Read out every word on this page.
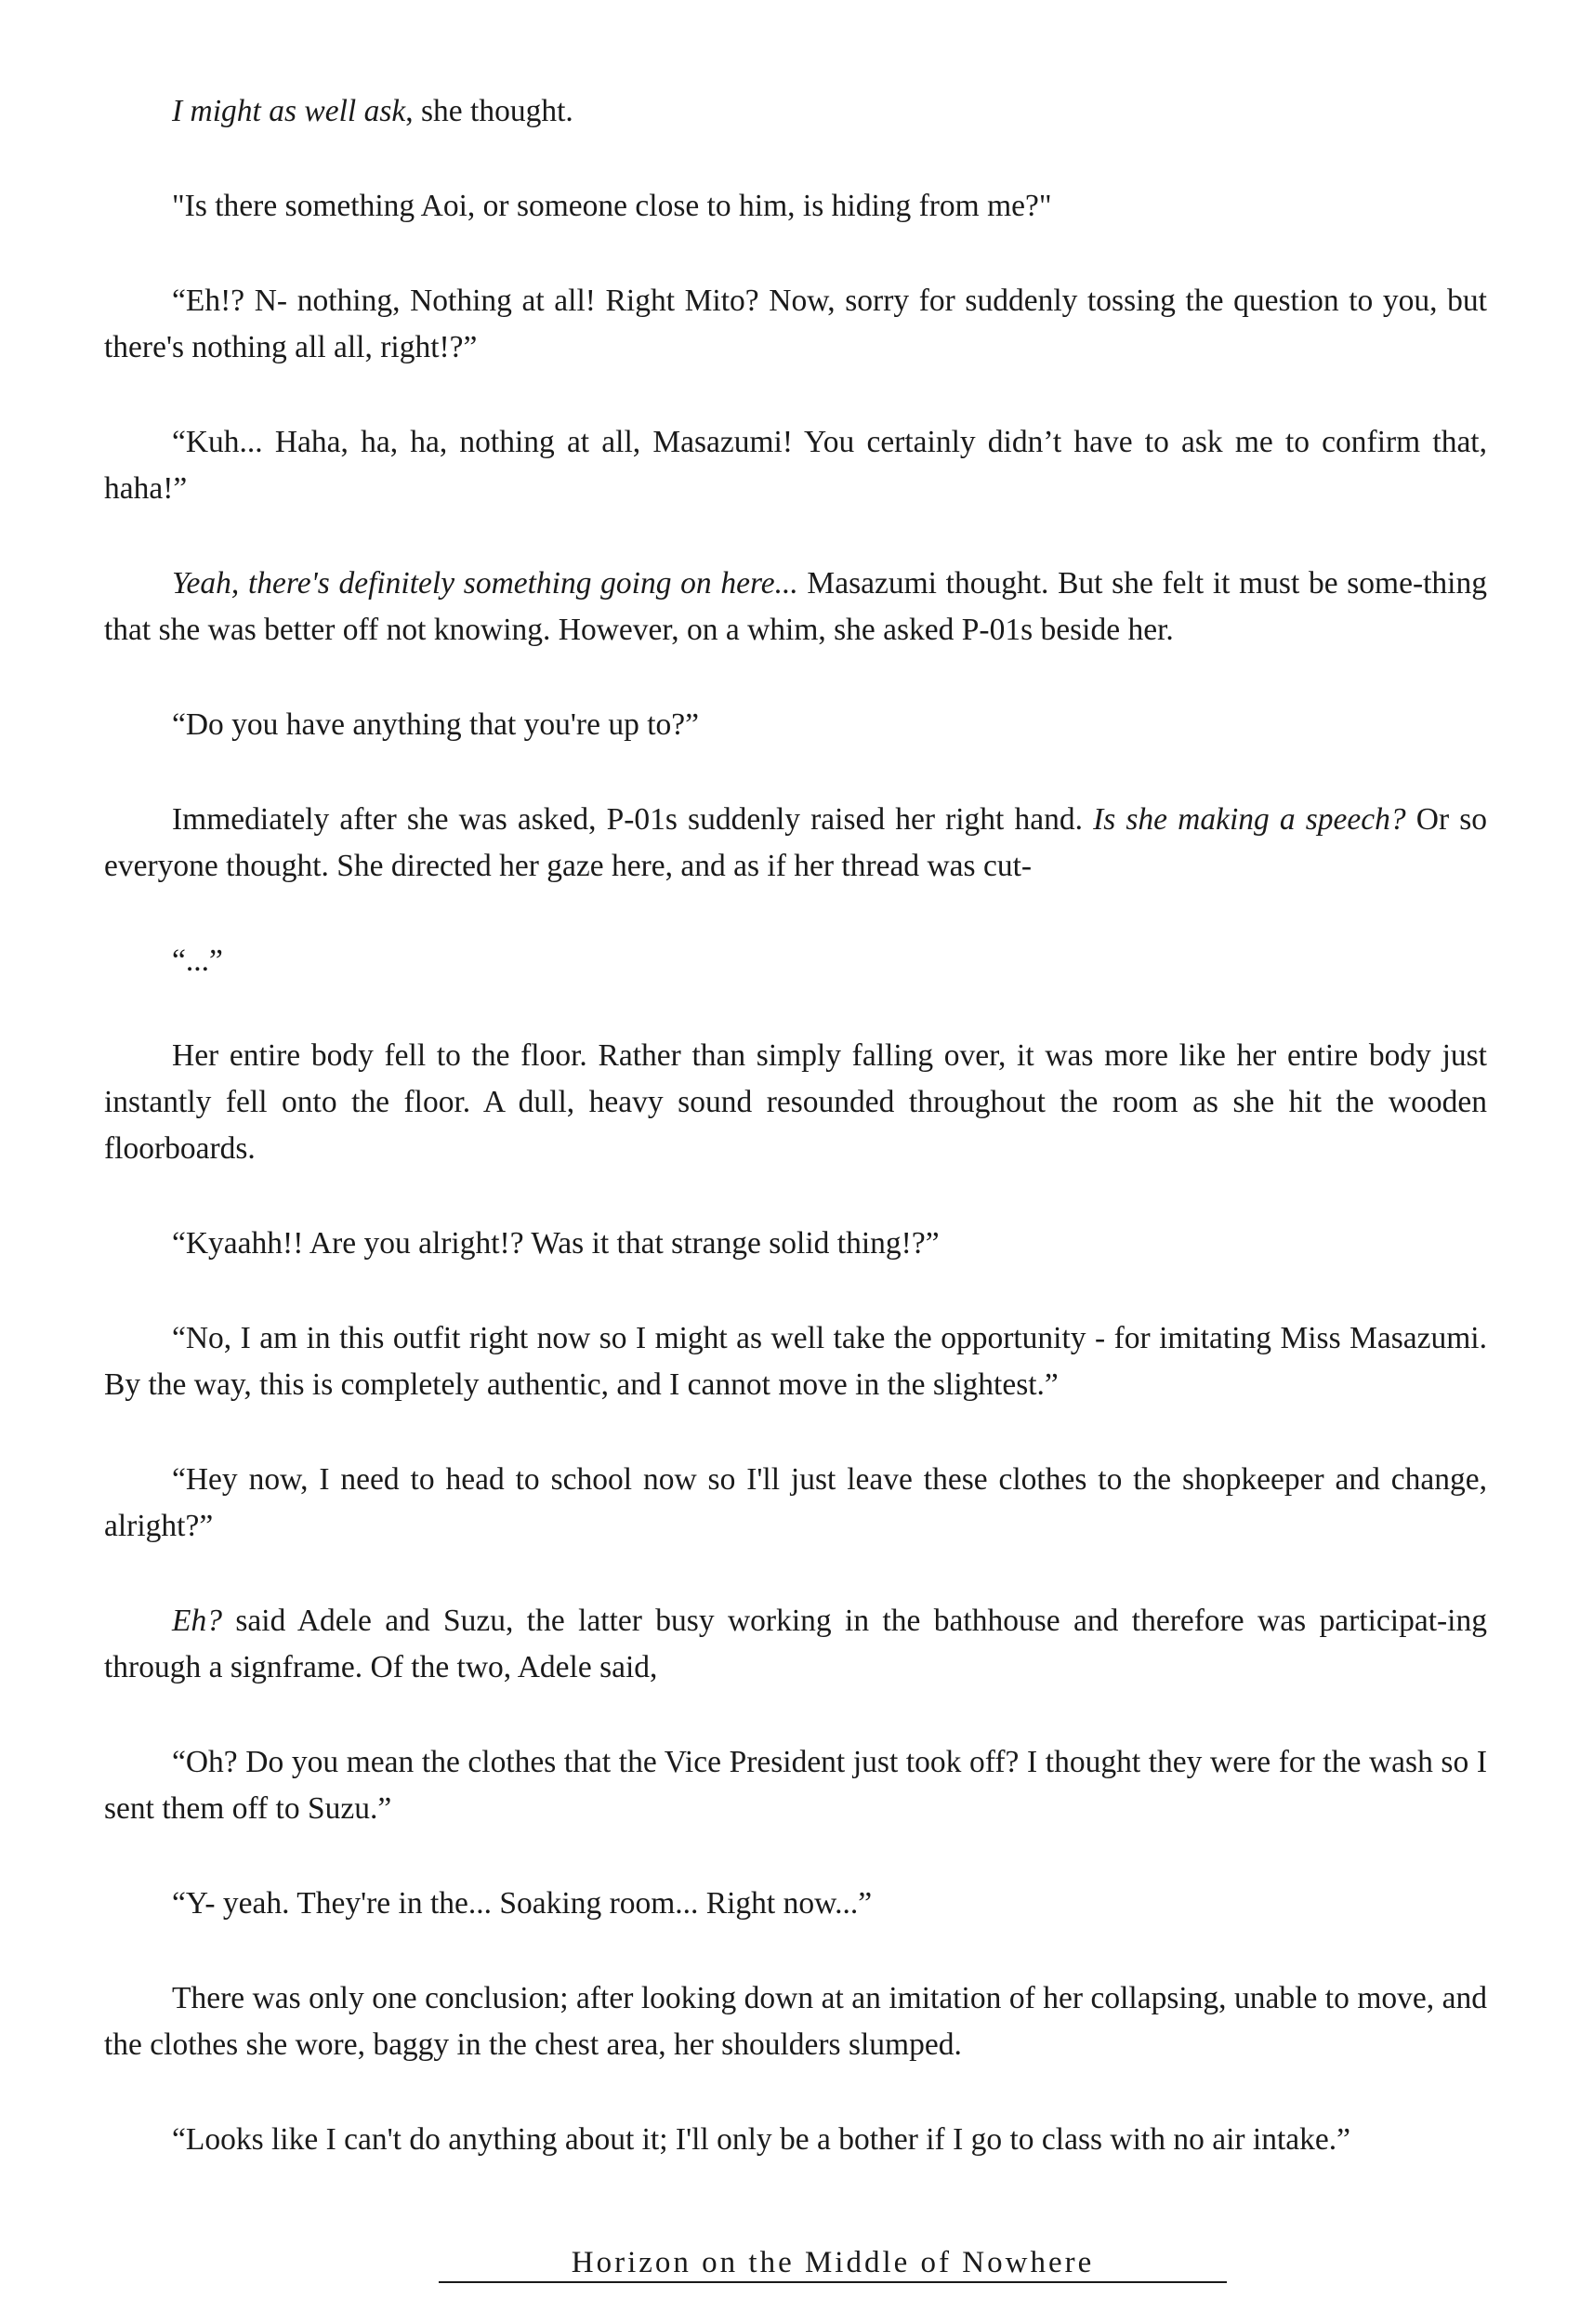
I might as well ask, she thought.

"Is there something Aoi, or someone close to him, is hiding from me?"

“Eh!? N- nothing, Nothing at all! Right Mito? Now, sorry for suddenly tossing the question to you, but there's nothing all all, right!?”

“Kuh... Haha, ha, ha, nothing at all, Masazumi! You certainly didn’t have to ask me to confirm that, haha!”

Yeah, there's definitely something going on here... Masazumi thought. But she felt it must be some-thing that she was better off not knowing. However, on a whim, she asked P-01s beside her.

“Do you have anything that you're up to?”

Immediately after she was asked, P-01s suddenly raised her right hand. Is she making a speech? Or so everyone thought. She directed her gaze here, and as if her thread was cut-

“...”

Her entire body fell to the floor. Rather than simply falling over, it was more like her entire body just instantly fell onto the floor. A dull, heavy sound resounded throughout the room as she hit the wooden floorboards.

“Kyaahh!! Are you alright!? Was it that strange solid thing!?”

“No, I am in this outfit right now so I might as well take the opportunity - for imitating Miss Masazumi. By the way, this is completely authentic, and I cannot move in the slightest.”

“Hey now, I need to head to school now so I'll just leave these clothes to the shopkeeper and change, alright?”

Eh? said Adele and Suzu, the latter busy working in the bathhouse and therefore was participat-ing through a signframe. Of the two, Adele said,

“Oh? Do you mean the clothes that the Vice President just took off? I thought they were for the wash so I sent them off to Suzu.”

“Y- yeah. They're in the... Soaking room... Right now...”

There was only one conclusion; after looking down at an imitation of her collapsing, unable to move, and the clothes she wore, baggy in the chest area, her shoulders slumped.

“Looks like I can't do anything about it; I'll only be a bother if I go to class with no air intake.”

Horizon on the Middle of Nowhere
